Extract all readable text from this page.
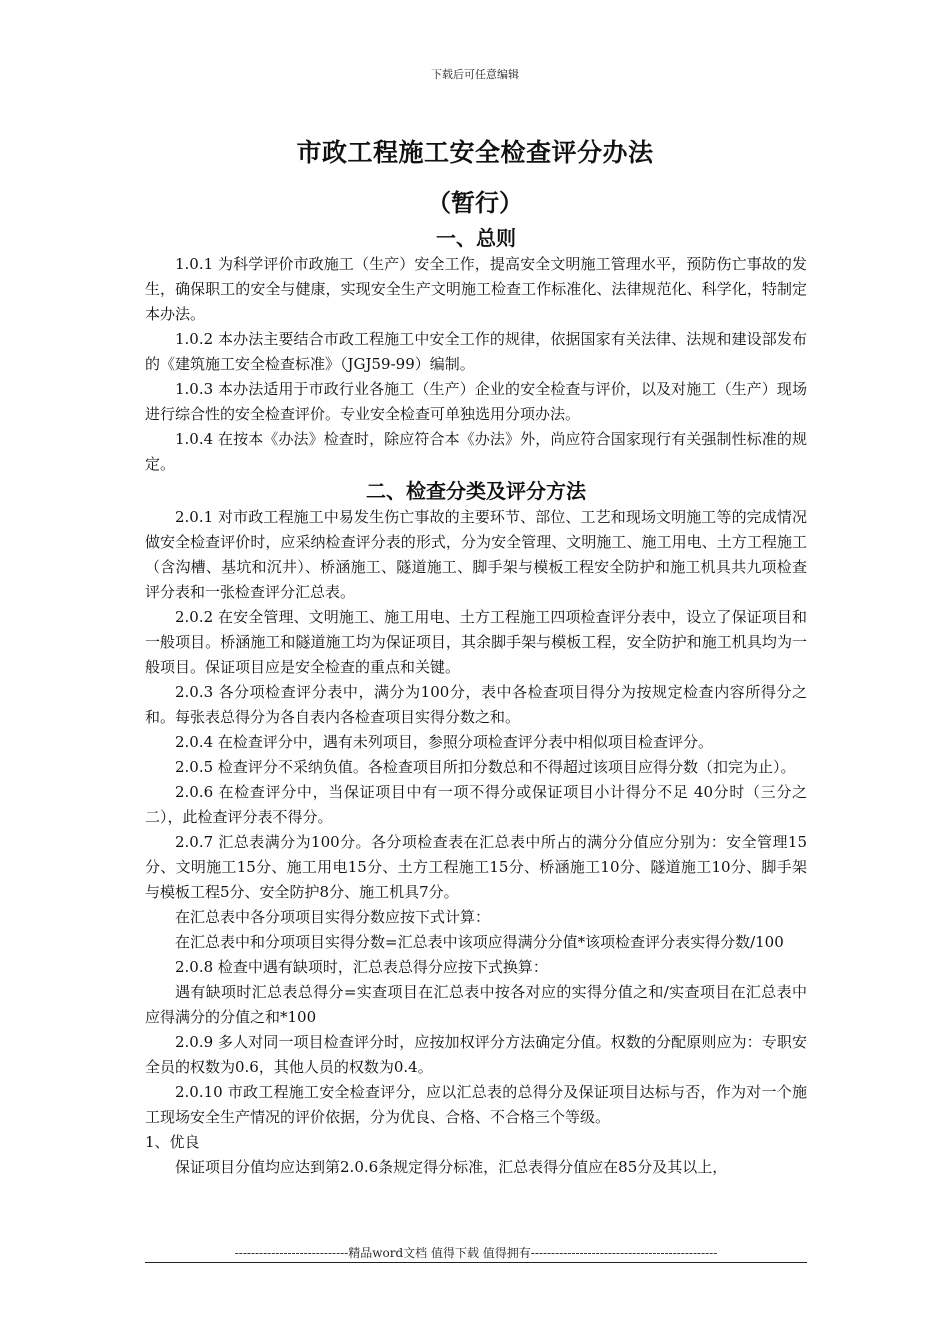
下载后可任意编辑
市政工程施工安全检查评分办法
（暂行）
一、总则

1.0.1 为科学评价市政施工（生产）安全工作，提高安全文明施工管理水平，预防伤亡事故的发生，确保职工的安全与健康，实现安全生产文明施工检查工作标准化、法律规范化、科学化，特制定本办法。

1.0.2 本办法主要结合市政工程施工中安全工作的规律，依据国家有关法律、法规和建设部发布的《建筑施工安全检查标准》（JGJ59-99）编制。

1.0.3 本办法适用于市政行业各施工（生产）企业的安全检查与评价，以及对施工（生产）现场进行综合性的安全检查评价。专业安全检查可单独选用分项办法。

1.0.4 在按本《办法》检查时，除应符合本《办法》外，尚应符合国家现行有关强制性标准的规定。

二、检查分类及评分方法

2.0.1 对市政工程施工中易发生伤亡事故的主要环节、部位、工艺和现场文明施工等的完成情况做安全检查评价时，应采纳检查评分表的形式，分为安全管理、文明施工、施工用电、土方工程施工（含沟槽、基坑和沉井）、桥涵施工、隧道施工、脚手架与模板工程安全防护和施工机具共九项检查评分表和一张检查评分汇总表。

2.0.2 在安全管理、文明施工、施工用电、土方工程施工四项检查评分表中，设立了保证项目和一般项目。桥涵施工和隧道施工均为保证项目，其余脚手架与模板工程，安全防护和施工机具均为一般项目。保证项目应是安全检查的重点和关键。

2.0.3 各分项检查评分表中，满分为100分，表中各检查项目得分为按规定检查内容所得分之和。每张表总得分为各自表内各检查项目实得分数之和。

2.0.4 在检查评分中，遇有未列项目，参照分项检查评分表中相似项目检查评分。

2.0.5 检查评分不采纳负值。各检查项目所扣分数总和不得超过该项目应得分数（扣完为止）。

2.0.6 在检查评分中，当保证项目中有一项不得分或保证项目小计得分不足 40分时（三分之二），此检查评分表不得分。

2.0.7 汇总表满分为100分。各分项检查表在汇总表中所占的满分分值应分别为：安全管理15分、文明施工15分、施工用电15分、土方工程施工15分、桥涵施工10分、隧道施工10分、脚手架与模板工程5分、安全防护8分、施工机具7分。

在汇总表中各分项项目实得分数应按下式计算：

在汇总表中和分项项目实得分数=汇总表中该项应得满分分值*该项检查评分表实得分数/100

2.0.8 检查中遇有缺项时，汇总表总得分应按下式换算：

遇有缺项时汇总表总得分=实查项目在汇总表中按各对应的实得分值之和/实查项目在汇总表中应得满分的分值之和*100

2.0.9 多人对同一项目检查评分时，应按加权评分方法确定分值。权数的分配原则应为：专职安全员的权数为0.6，其他人员的权数为0.4。

2.0.10 市政工程施工安全检查评分，应以汇总表的总得分及保证项目达标与否，作为对一个施工现场安全生产情况的评价依据，分为优良、合格、不合格三个等级。

1、优良

保证项目分值均应达到第2.0.6条规定得分标准，汇总表得分值应在85分及其以上，

----------------------------精品word文档 值得下载 值得拥有----------------------------------------------
